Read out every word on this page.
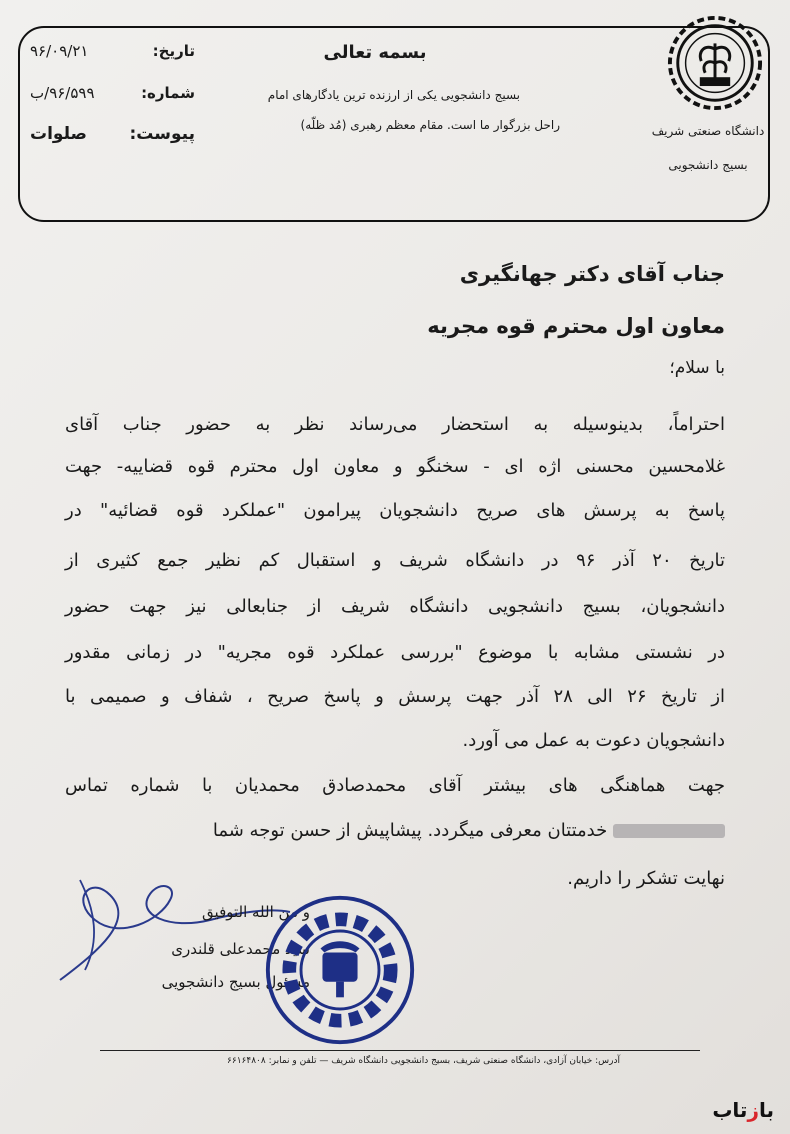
دانشگاه صنعتی شریف
بسیج دانشجویی
بسمه تعالی
بسیج دانشجویی یکی از ارزنده ترین یادگارهای امام
راحل بزرگوار ما است. مقام معظم رهبری (مُد ظلّه)
تاریخ:
۹۶/۰۹/۲۱
شماره:
۹۶/۵۹۹/ب
پیوست:
صلوات
جناب آقای دکتر جهانگیری
معاون اول محترم قوه مجریه
با سلام؛
احتراماً، بدینوسیله به استحضار می‌رساند نظر به حضور جناب آقای
غلامحسین محسنی اژه ای - سخنگو و معاون اول محترم قوه قضاییه- جهت
پاسخ به پرسش های صریح دانشجویان پیرامون "عملکرد قوه قضائیه" در
تاریخ ۲۰ آذر ۹۶ در دانشگاه شریف و استقبال کم نظیر جمع کثیری از
دانشجویان، بسیج دانشجویی دانشگاه شریف از جنابعالی نیز جهت حضور
در نشستی مشابه با موضوع "بررسی عملکرد قوه مجریه" در زمانی مقدور
از تاریخ ۲۶ الی ۲۸ آذر جهت پرسش و پاسخ صریح ، شفاف و صمیمی با
دانشجویان دعوت به عمل می آورد.
جهت هماهنگی های بیشتر آقای محمدصادق محمدیان با شماره تماس
خدمتتان معرفی میگردد. پیشاپیش از حسن توجه شما
نهایت تشکر را داریم.
و من الله التوفیق
سید محمدعلی قلندری
مسئول بسیج دانشجویی
آدرس: خیابان آزادی، دانشگاه صنعتی شریف، بسیج دانشجویی دانشگاه شریف — تلفن و نمابر: ۶۶۱۶۴۸۰۸
بازتاب
